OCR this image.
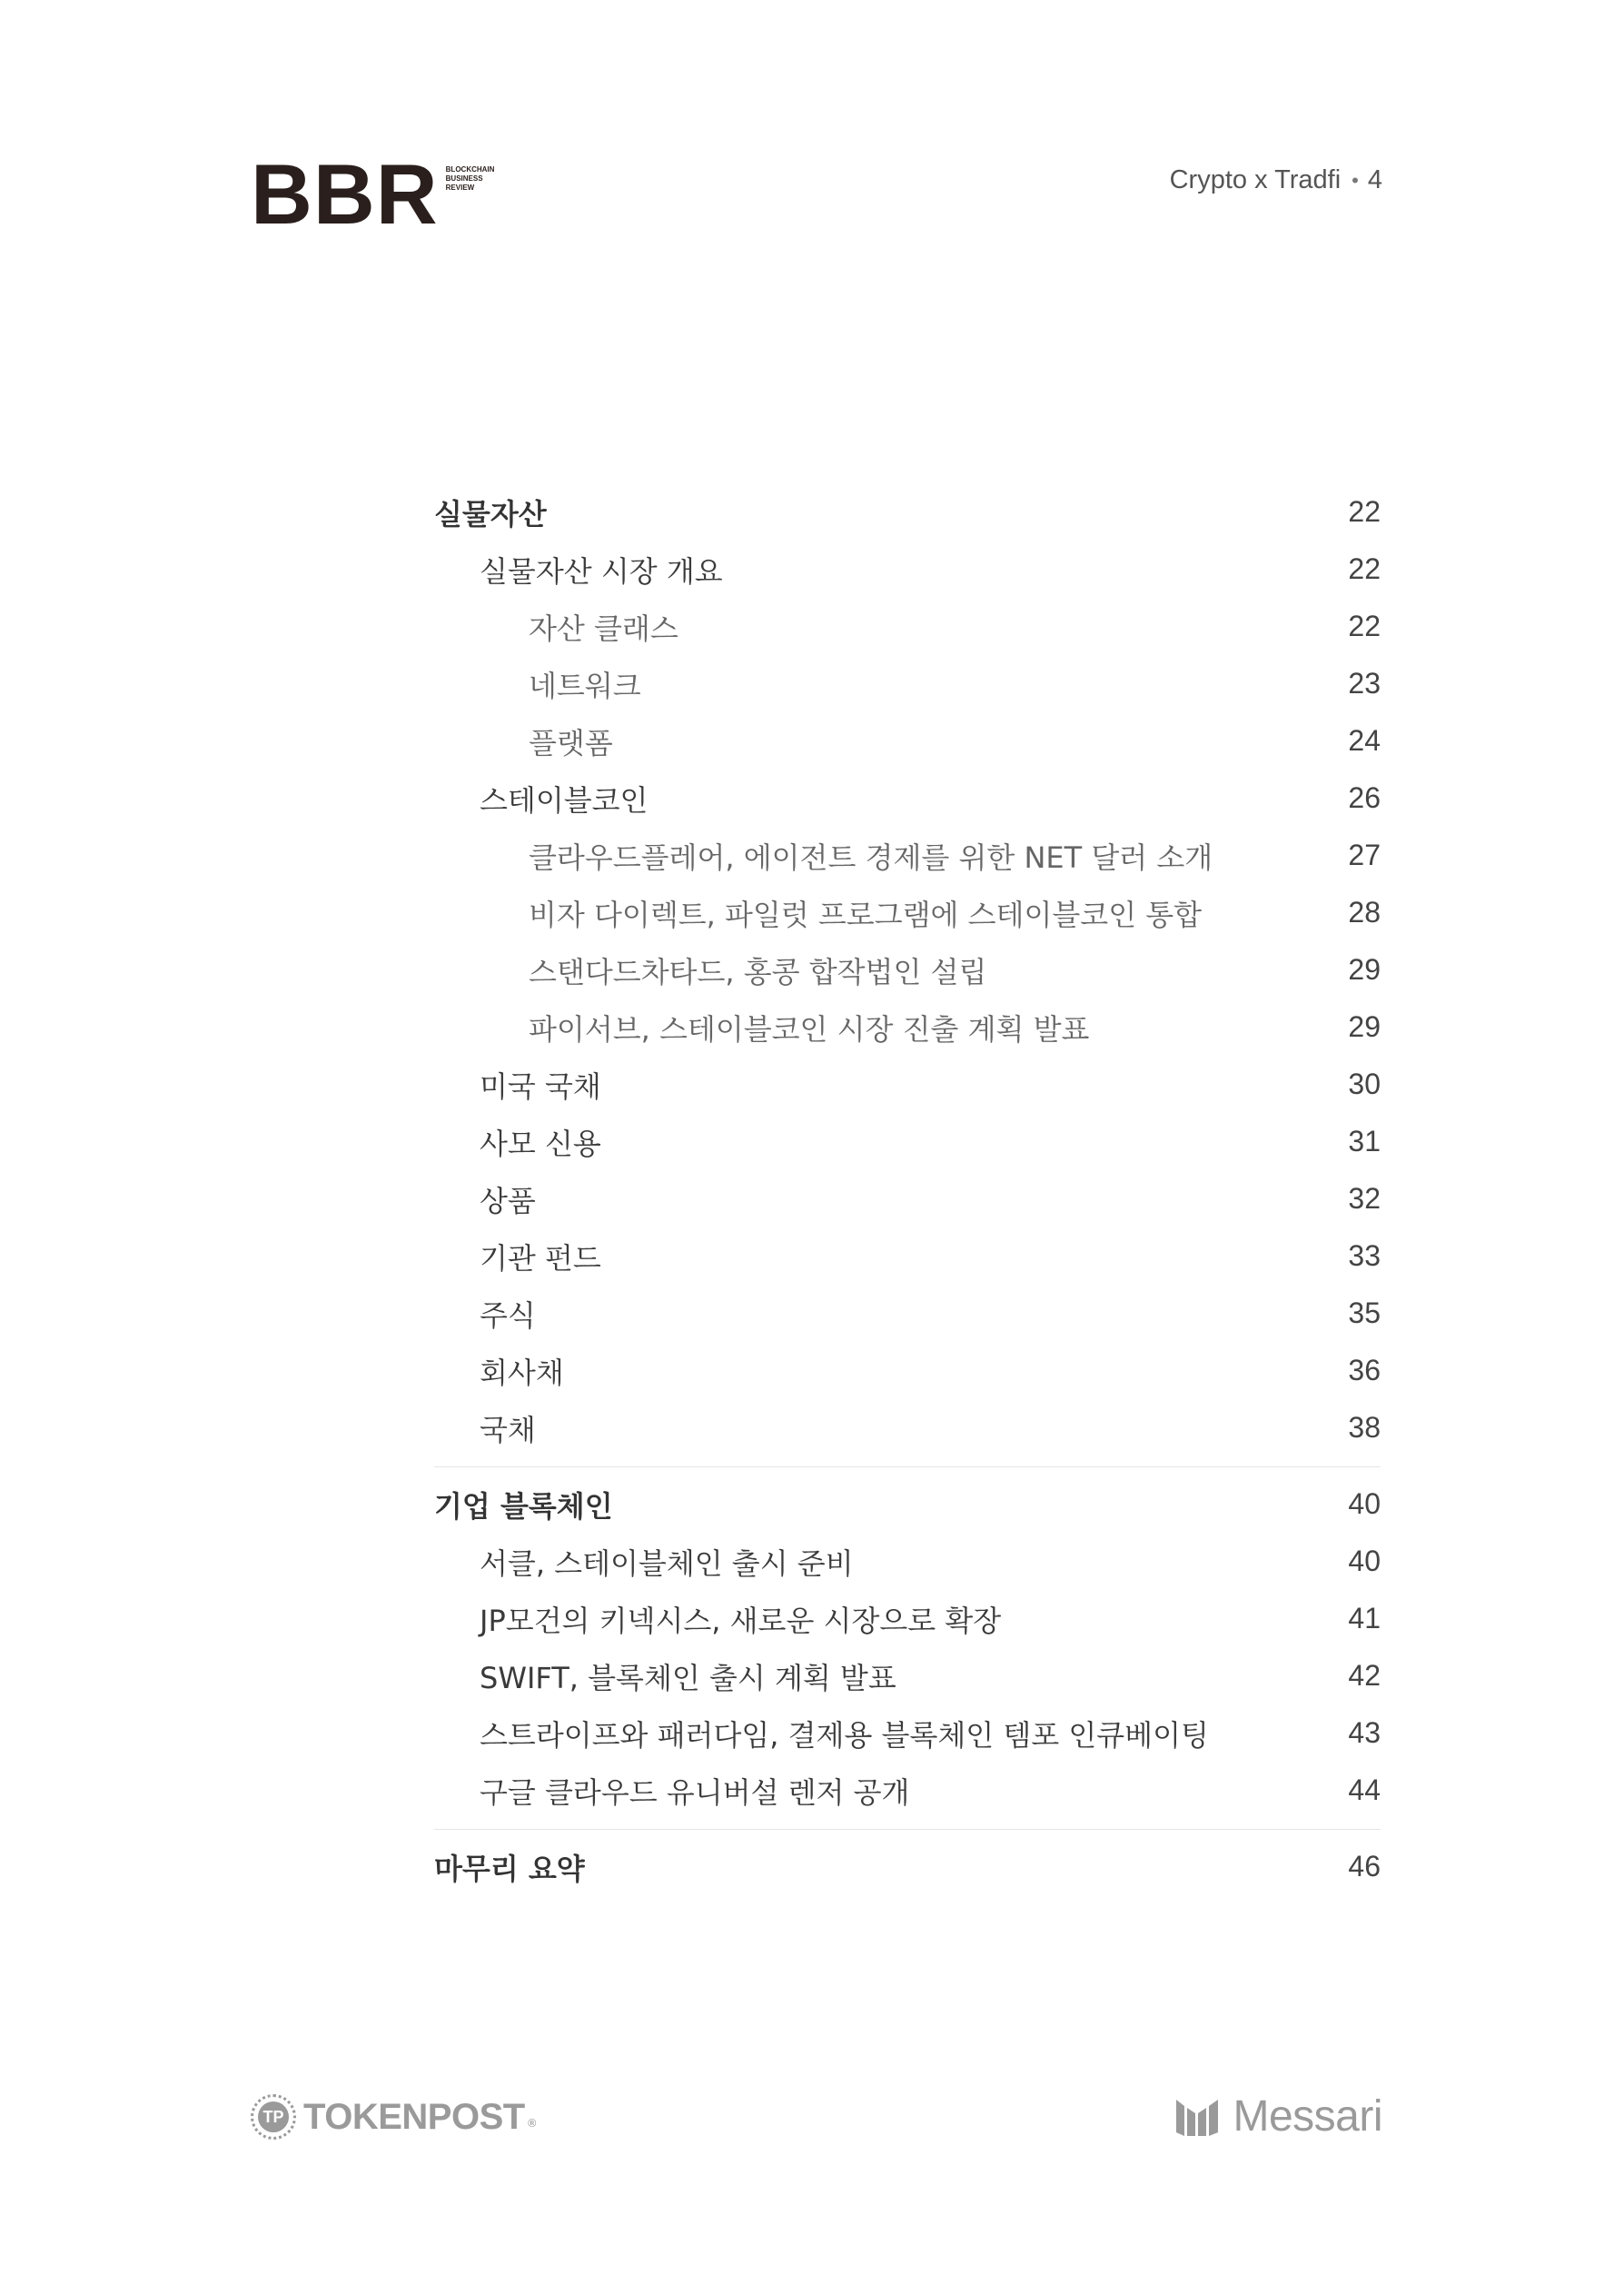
BBR BLOCKCHAIN
BUSINESS
REVIEW	Crypto x Tradfi • 4
실물자산	22
실물자산 시장 개요	22
자산 클래스	22
네트워크	23
플랫폼	24
스테이블코인	26
클라우드플레어, 에이전트 경제를 위한 NET 달러 소개	27
비자 다이렉트, 파일럿 프로그램에 스테이블코인 통합	28
스탠다드차타드, 홍콩 합작법인 설립	29
파이서브, 스테이블코인 시장 진출 계획 발표	29
미국 국채	30
사모 신용	31
상품	32
기관 펀드	33
주식	35
회사채	36
국채	38
기업 블록체인	40
서클, 스테이블체인 출시 준비	40
JP모건의 키넥시스, 새로운 시장으로 확장	41
SWIFT, 블록체인 출시 계획 발표	42
스트라이프와 패러다임, 결제용 블록체인 템포 인큐베이팅	43
구글 클라우드 유니버설 렌저 공개	44
마무리 요약	46
TP TOKENPOST ®	Messari
